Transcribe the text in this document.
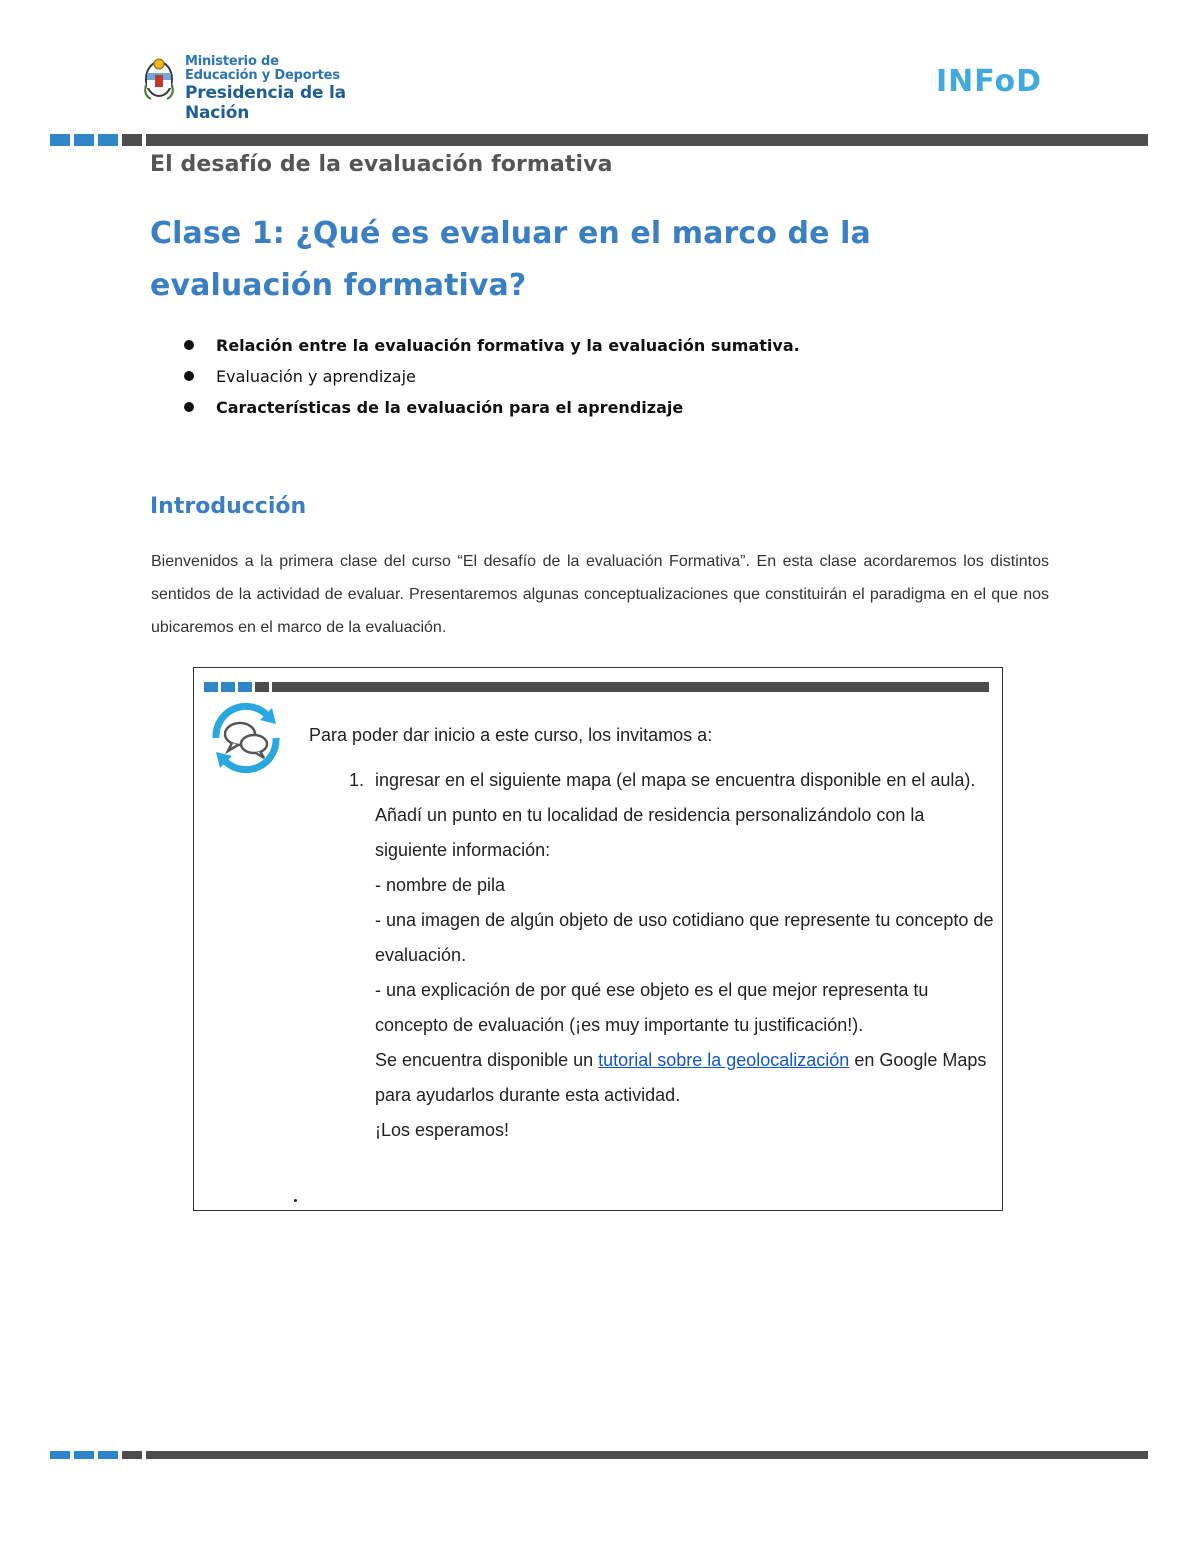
Ministerio de
Educación y Deportes
Presidencia de la Nación
INFoD
El desafío de la evaluación formativa
Clase 1: ¿Qué es evaluar en el marco de la evaluación formativa?
Relación entre la evaluación formativa y la evaluación sumativa.
Evaluación y aprendizaje
Características de la evaluación para el aprendizaje
Introducción
Bienvenidos a la primera clase del curso “El desafío de la evaluación Formativa”. En esta clase acordaremos los distintos sentidos de la actividad de evaluar. Presentaremos algunas conceptualizaciones que constituirán el paradigma en el que nos ubicaremos en el marco de la evaluación.

Para poder dar inicio a este curso, los invitamos a:

1. ingresar en el siguiente mapa (el mapa se encuentra disponible en el aula).
Añadí un punto en tu localidad de residencia personalizándolo con la siguiente información:
- nombre de pila
- una imagen de algún objeto de uso cotidiano que represente tu concepto de evaluación.
- una explicación de por qué ese objeto es el que mejor representa tu concepto de evaluación (¡es muy importante tu justificación!).
Se encuentra disponible un tutorial sobre la geolocalización en Google Maps para ayudarlos durante esta actividad.
¡Los esperamos!
